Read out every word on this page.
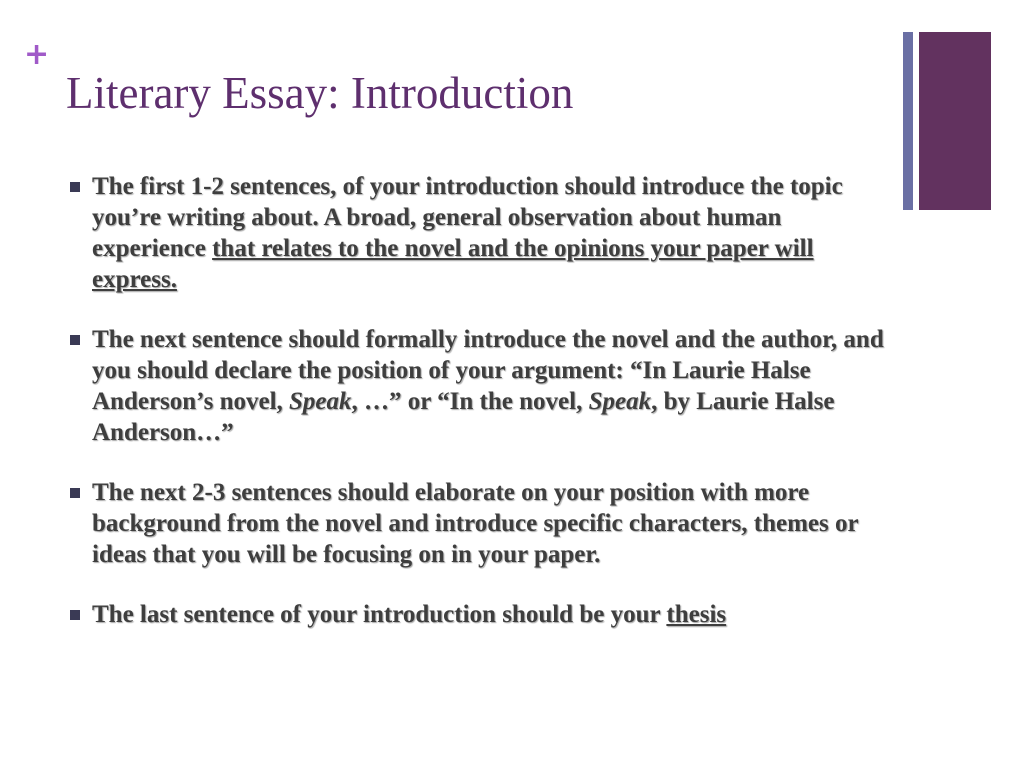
+
Literary Essay: Introduction
The first 1-2 sentences, of your introduction should introduce the topic you’re writing about. A broad, general observation about human experience that relates to the novel and the opinions your paper will express.
The next sentence should formally introduce the novel and the author, and you should declare the position of your argument: “In Laurie Halse Anderson’s novel, Speak, …” or “In the novel, Speak, by Laurie Halse Anderson…”
The next 2-3 sentences should elaborate on your position with more background from the novel and introduce specific characters, themes or ideas that you will be focusing on in your paper.
The last sentence of your introduction should be your thesis
